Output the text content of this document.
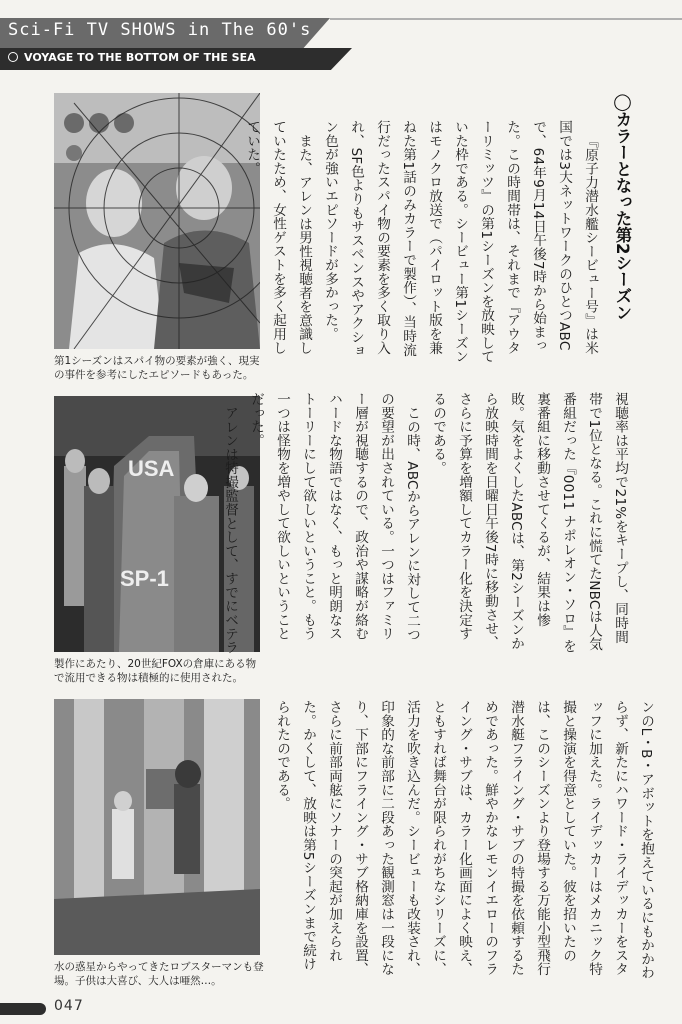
Sci-Fi TV SHOWS in The 60's
VOYAGE TO THE BOTTOM OF THE SEA
第1シーズンはスパイ物の要素が強く、現実の事件を参考にしたエピソードもあった。
USA
SP-1
製作にあたり、20世紀FOXの倉庫にある物で流用できる物は積極的に使用された。
水の惑星からやってきたロブスターマンも登場。子供は大喜び、大人は唖然…。
◯カラーとなった第2シーズン

『原子力潜水艦シービュー号』は米国では3大ネットワークのひとつABCで、64年9月14日午後7時から始まった。この時間帯は、それまで『アウターリミッツ』の第1シーズンを放映していた枠である。シービュー第1シーズンはモノクロ放送で（パイロット版を兼ねた第1話のみカラーで製作）、当時流行だったスパイ物の要素を多く取り入れ、SF色よりもサスペンスやアクション色が強いエピソードが多かった。

また、アレンは男性視聴者を意識していたため、女性ゲストを多く起用していた。

視聴率は平均で21%をキープし、同時間帯で1位となる。これに慌てたNBCは人気番組だった『0011 ナポレオン・ソロ』を裏番組に移動させてくるが、結果は惨敗。気をよくしたABCは、第2シーズンから放映時間を日曜日午後7時に移動させ、さらに予算を増額してカラー化を決定するのである。

この時、ABCからアレンに対して二つの要望が出されている。一つはファミリー層が視聴するので、政治や謀略が絡むハードな物語ではなく、もっと明朗なストーリーにして欲しいということ。もう一つは怪物を増やして欲しいということだった。

アレンは特撮監督として、すでにベテラ

ンのL・B・アボットを抱えているにもかかわらず、新たにハワード・ライデッカーをスタッフに加えた。ライデッカーはメカニック特撮と操演を得意としていた。彼を招いたのは、このシーズンより登場する万能小型飛行潜水艇フライング・サブの特撮を依頼するためであった。鮮やかなレモンイエローのフライング・サブは、カラー化画面によく映え、ともすれば舞台が限られがちなシリーズに、活力を吹き込んだ。シービューも改装され、印象的な前部に二段あった観測窓は一段になり、下部にフライング・サブ格納庫を設置、さらに前部両舷にソナーの突起が加えられた。かくして、放映は第5シーズンまで続けられたのである。

047
